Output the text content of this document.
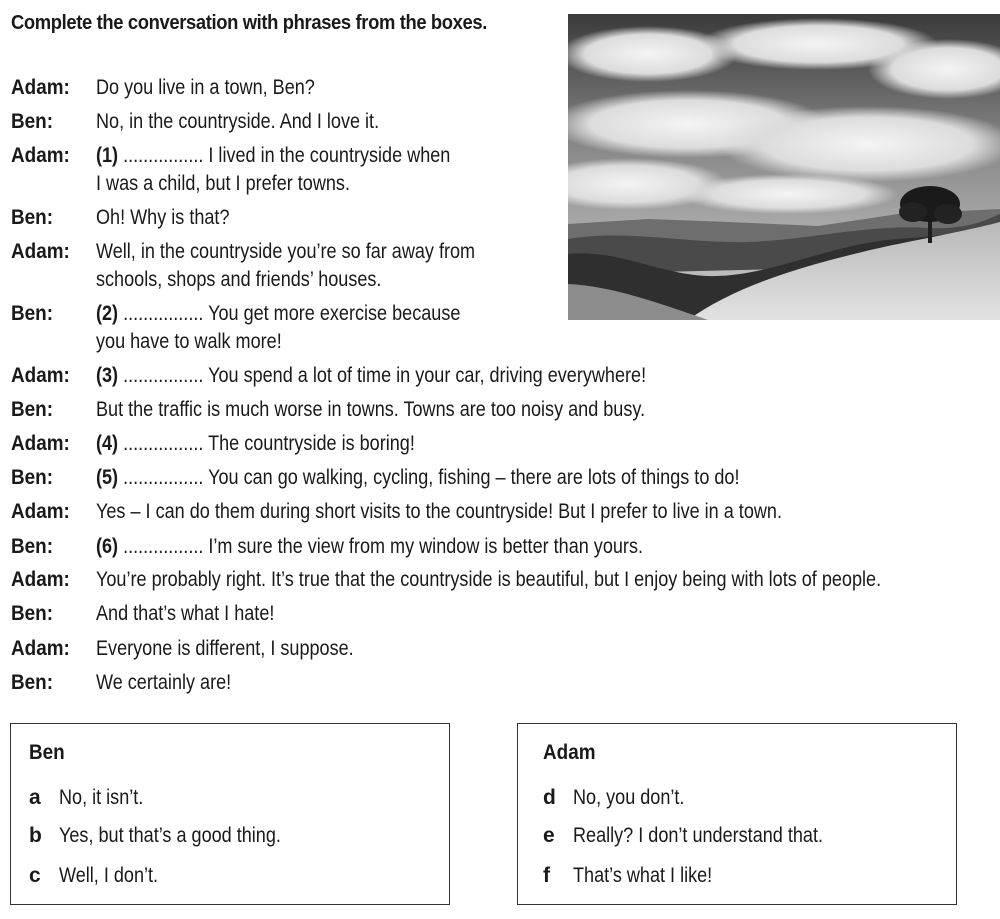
Complete the conversation with phrases from the boxes.
Adam: Do you live in a town, Ben?
Ben: No, in the countryside. And I love it.
Adam: (1) ................ I lived in the countryside when
I was a child, but I prefer towns.
Ben: Oh! Why is that?
Adam: Well, in the countryside you’re so far away from
schools, shops and friends’ houses.
Ben: (2) ................ You get more exercise because
you have to walk more!
Adam: (3) ................ You spend a lot of time in your car, driving everywhere!
Ben: But the traffic is much worse in towns. Towns are too noisy and busy.
Adam: (4) ................ The countryside is boring!
Ben: (5) ................ You can go walking, cycling, fishing – there are lots of things to do!
Adam: Yes – I can do them during short visits to the countryside! But I prefer to live in a town.
Ben: (6) ................ I’m sure the view from my window is better than yours.
Adam: You’re probably right. It’s true that the countryside is beautiful, but I enjoy being with lots of people.
Ben: And that’s what I hate!
Adam: Everyone is different, I suppose.
Ben: We certainly are!
Ben
a No, it isn’t.
b Yes, but that’s a good thing.
c Well, I don’t.
Adam
d No, you don’t.
e Really? I don’t understand that.
f That’s what I like!
